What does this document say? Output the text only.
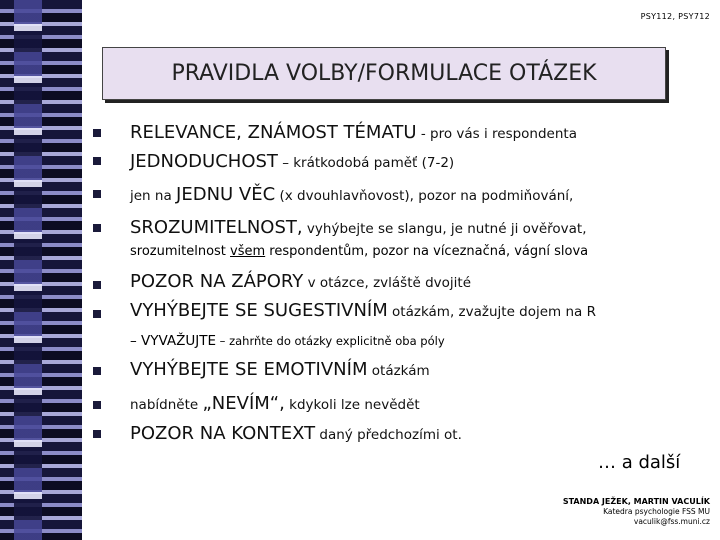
PSY112, PSY712
PRAVIDLA VOLBY/FORMULACE OTÁZEK
RELEVANCE, ZNÁMOST TÉMATU - pro vás i respondenta
JEDNODUCHOST – krátkodobá paměť (7-2)
jen na JEDNU VĚC (x dvouhlavňovost), pozor na podmiňování,
SROZUMITELNOST, vyhýbejte se slangu, je nutné ji ověřovat,
srozumitelnost všem respondentům, pozor na víceznačná, vágní slova
POZOR NA ZÁPORY v otázce, zvláště dvojité
VYHÝBEJTE SE SUGESTIVNÍM otázkám, zvažujte dojem na R
– VYVAŽUJTE – zahrňte do otázky explicitně oba póly
VYHÝBEJTE SE EMOTIVNÍM otázkám
nabídněte „NEVÍM“, kdykoli lze nevědět
POZOR NA KONTEXT daný předchozími ot.
… a další
STANDA JEŽEK, MARTIN VACULÍK
Katedra psychologie FSS MU
vaculik@fss.muni.cz
